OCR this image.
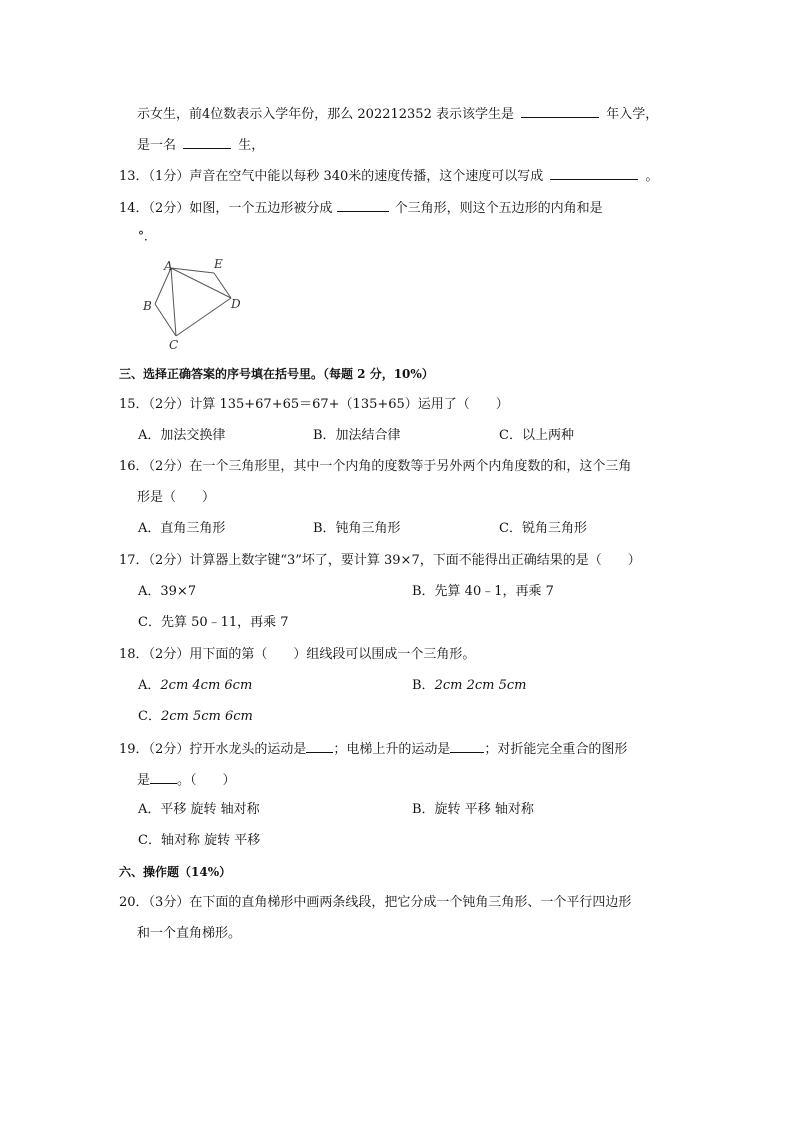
示女生，前4位数表示入学年份，那么 202212352 表示该学生是	年入学，
是一名	生，
13．（1分）声音在空气中能以每秒 340米的速度传播，这个速度可以写成	。
14．（2分）如图，一个五边形被分成	个三角形，则这个五边形的内角和是
°．
A	E
D
B
C
三、选择正确答案的序号填在括号里。（每题 2 分，10%）
15．（2分）计算 135+67+65＝67+（135+65）运用了（　　）
A．加法交换律	B．加法结合律	C．以上两种
16．（2分）在一个三角形里，其中一个内角的度数等于另外两个内角度数的和，这个三角
形是（　　）
A．直角三角形	B．钝角三角形	C．锐角三角形
17．（2分）计算器上数字键“3”坏了，要计算 39×7，下面不能得出正确结果的是（　　）
A．39×7	B．先算 40﹣1，再乘 7
C．先算 50﹣11，再乘 7
18．（2分）用下面的第（　　）组线段可以围成一个三角形。
A．2cm 4cm 6cm	B．2cm 2cm 5cm
C．2cm 5cm 6cm
19．（2分）拧开水龙头的运动是 ；电梯上升的运动是	；对折能完全重合的图形
是 。（　　）
A．平移 旋转 轴对称	B．旋转 平移 轴对称
C．轴对称 旋转 平移
六、操作题（14%）
20．（3分）在下面的直角梯形中画两条线段，把它分成一个钝角三角形、一个平行四边形
和一个直角梯形。
